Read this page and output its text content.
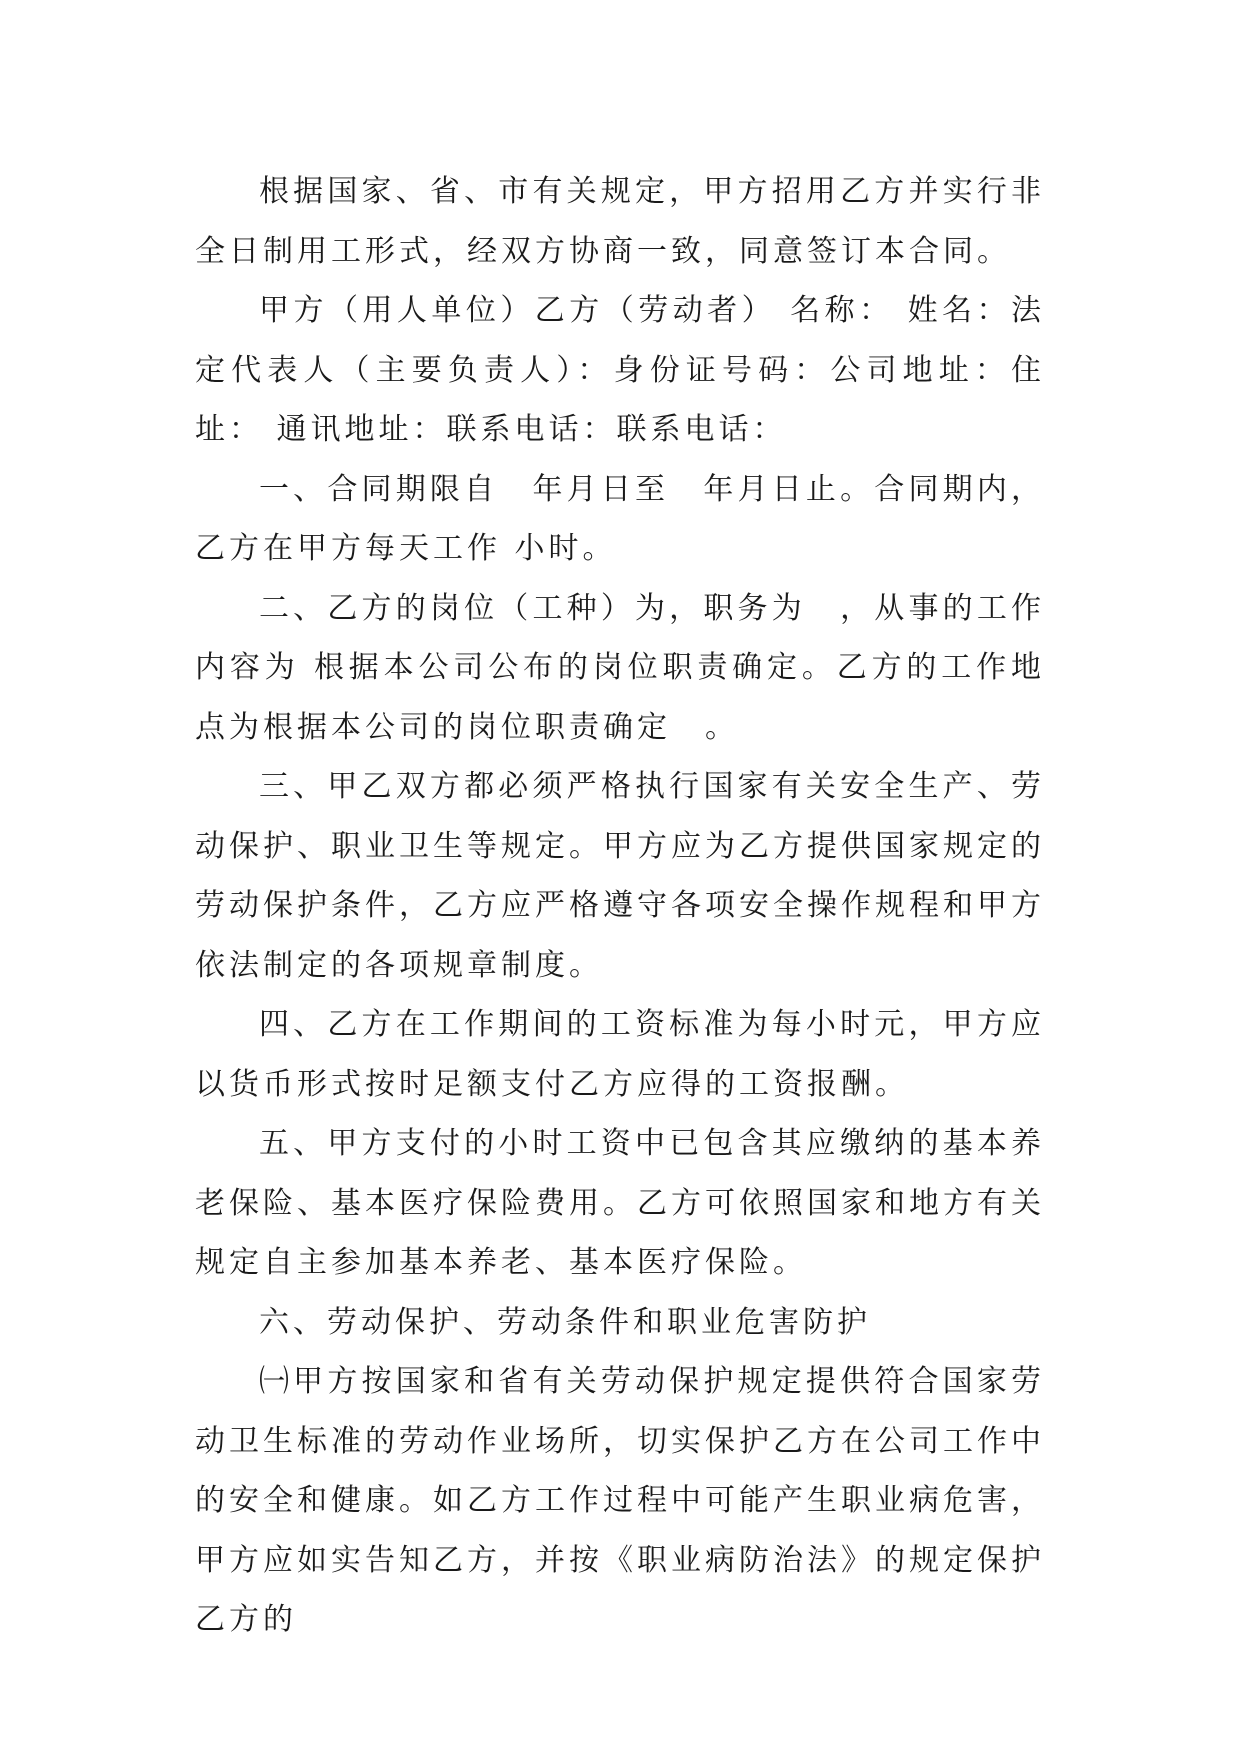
根据国家、省、市有关规定，甲方招用乙方并实行非全日制用工形式，经双方协商一致，同意签订本合同。

甲方（用人单位）乙方（劳动者） 名称： 姓名：法定代表人（主要负责人）：身份证号码：公司地址：住址： 通讯地址：联系电话：联系电话：

一、合同期限自　年月日至　年月日止。合同期内，乙方在甲方每天工作 小时。

二、乙方的岗位（工种）为，职务为　，从事的工作内容为 根据本公司公布的岗位职责确定。乙方的工作地点为根据本公司的岗位职责确定　。

三、甲乙双方都必须严格执行国家有关安全生产、劳动保护、职业卫生等规定。甲方应为乙方提供国家规定的劳动保护条件，乙方应严格遵守各项安全操作规程和甲方依法制定的各项规章制度。

四、乙方在工作期间的工资标准为每小时元，甲方应以货币形式按时足额支付乙方应得的工资报酬。

五、甲方支付的小时工资中已包含其应缴纳的基本养老保险、基本医疗保险费用。乙方可依照国家和地方有关规定自主参加基本养老、基本医疗保险。

六、劳动保护、劳动条件和职业危害防护

㈠甲方按国家和省有关劳动保护规定提供符合国家劳动卫生标准的劳动作业场所，切实保护乙方在公司工作中的安全和健康。如乙方工作过程中可能产生职业病危害，甲方应如实告知乙方，并按《职业病防治法》的规定保护乙方的
